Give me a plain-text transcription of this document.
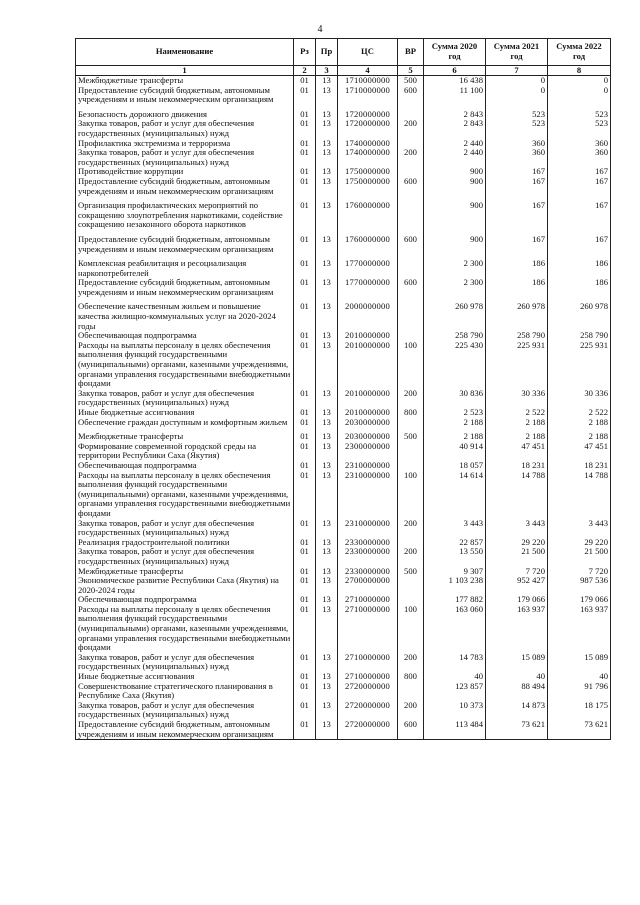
4
Наименование	Рз	Пр	ЦС	ВР	Сумма 2020 год	Сумма 2021 год	Сумма 2022 год
1	2	3	4	5	6	7	8
Межбюджетные трансферты	01	13	1710000000	500	16 438	0	0
Предоставление субсидий бюджетным, автономным учреждениям и иным некоммерческим организациям	01	13	1710000000	600	11 100	0	0

Безопасность дорожного движения	01	13	1720000000		2 843	523	523
Закупка товаров, работ и услуг для обеспечения государственных (муниципальных) нужд	01	13	1720000000	200	2 843	523	523
Профилактика экстремизма и терроризма	01	13	1740000000		2 440	360	360
Закупка товаров, работ и услуг для обеспечения государственных (муниципальных) нужд	01	13	1740000000	200	2 440	360	360
Противодействие коррупции	01	13	1750000000		900	167	167
Предоставление субсидий бюджетным, автономным учреждениям и иным некоммерческим организациям	01	13	1750000000	600	900	167	167

Организация профилактических мероприятий по сокращению злоупотребления наркотиками, содействие сокращению незаконного оборота наркотиков	01	13	1760000000		900	167	167

Предоставление субсидий бюджетным, автономным учреждениям и иным некоммерческим организациям	01	13	1760000000	600	900	167	167

Комплексная реабилитация и ресоциализация наркопотребителей	01	13	1770000000		2 300	186	186
Предоставление субсидий бюджетным, автономным учреждениям и иным некоммерческим организациям	01	13	1770000000	600	2 300	186	186

Обеспечение качественным жильем и повышение качества жилищно-коммунальных услуг на 2020-2024 годы	01	13	2000000000		260 978	260 978	260 978
Обеспечивающая подпрограмма	01	13	2010000000		258 790	258 790	258 790
Расходы на выплаты персоналу в целях обеспечения выполнения функций государственными (муниципальными) органами, казенными учреждениями, органами управления государственными внебюджетными фондами	01	13	2010000000	100	225 430	225 931	225 931
Закупка товаров, работ и услуг для обеспечения государственных (муниципальных) нужд	01	13	2010000000	200	30 836	30 336	30 336
Иные бюджетные ассигнования	01	13	2010000000	800	2 523	2 522	2 522
Обеспечение граждан доступным и комфортным жильем	01	13	2030000000		2 188	2 188	2 188

Межбюджетные трансферты	01	13	2030000000	500	2 188	2 188	2 188
Формирование современной городской среды на территории Республики Саха (Якутия)	01	13	2300000000		40 914	47 451	47 451
Обеспечивающая подпрограмма	01	13	2310000000		18 057	18 231	18 231
Расходы на выплаты персоналу в целях обеспечения выполнения функций государственными (муниципальными) органами, казенными учреждениями, органами управления государственными внебюджетными фондами	01	13	2310000000	100	14 614	14 788	14 788
Закупка товаров, работ и услуг для обеспечения государственных (муниципальных) нужд	01	13	2310000000	200	3 443	3 443	3 443
Реализация градостроительной политики	01	13	2330000000		22 857	29 220	29 220
Закупка товаров, работ и услуг для обеспечения государственных (муниципальных) нужд	01	13	2330000000	200	13 550	21 500	21 500
Межбюджетные трансферты	01	13	2330000000	500	9 307	7 720	7 720
Экономическое развитие Республики Саха (Якутия) на 2020-2024 годы	01	13	2700000000		1 103 238	952 427	987 536
Обеспечивающая подпрограмма	01	13	2710000000		177 882	179 066	179 066
Расходы на выплаты персоналу в целях обеспечения выполнения функций государственными (муниципальными) органами, казенными учреждениями, органами управления государственными внебюджетными фондами	01	13	2710000000	100	163 060	163 937	163 937
Закупка товаров, работ и услуг для обеспечения государственных (муниципальных) нужд	01	13	2710000000	200	14 783	15 089	15 089
Иные бюджетные ассигнования	01	13	2710000000	800	40	40	40
Совершенствование стратегического планирования в Республике Саха (Якутия)	01	13	2720000000		123 857	88 494	91 796
Закупка товаров, работ и услуг для обеспечения государственных (муниципальных) нужд	01	13	2720000000	200	10 373	14 873	18 175
Предоставление субсидий бюджетным, автономным учреждениям и иным некоммерческим организациям	01	13	2720000000	600	113 484	73 621	73 621
